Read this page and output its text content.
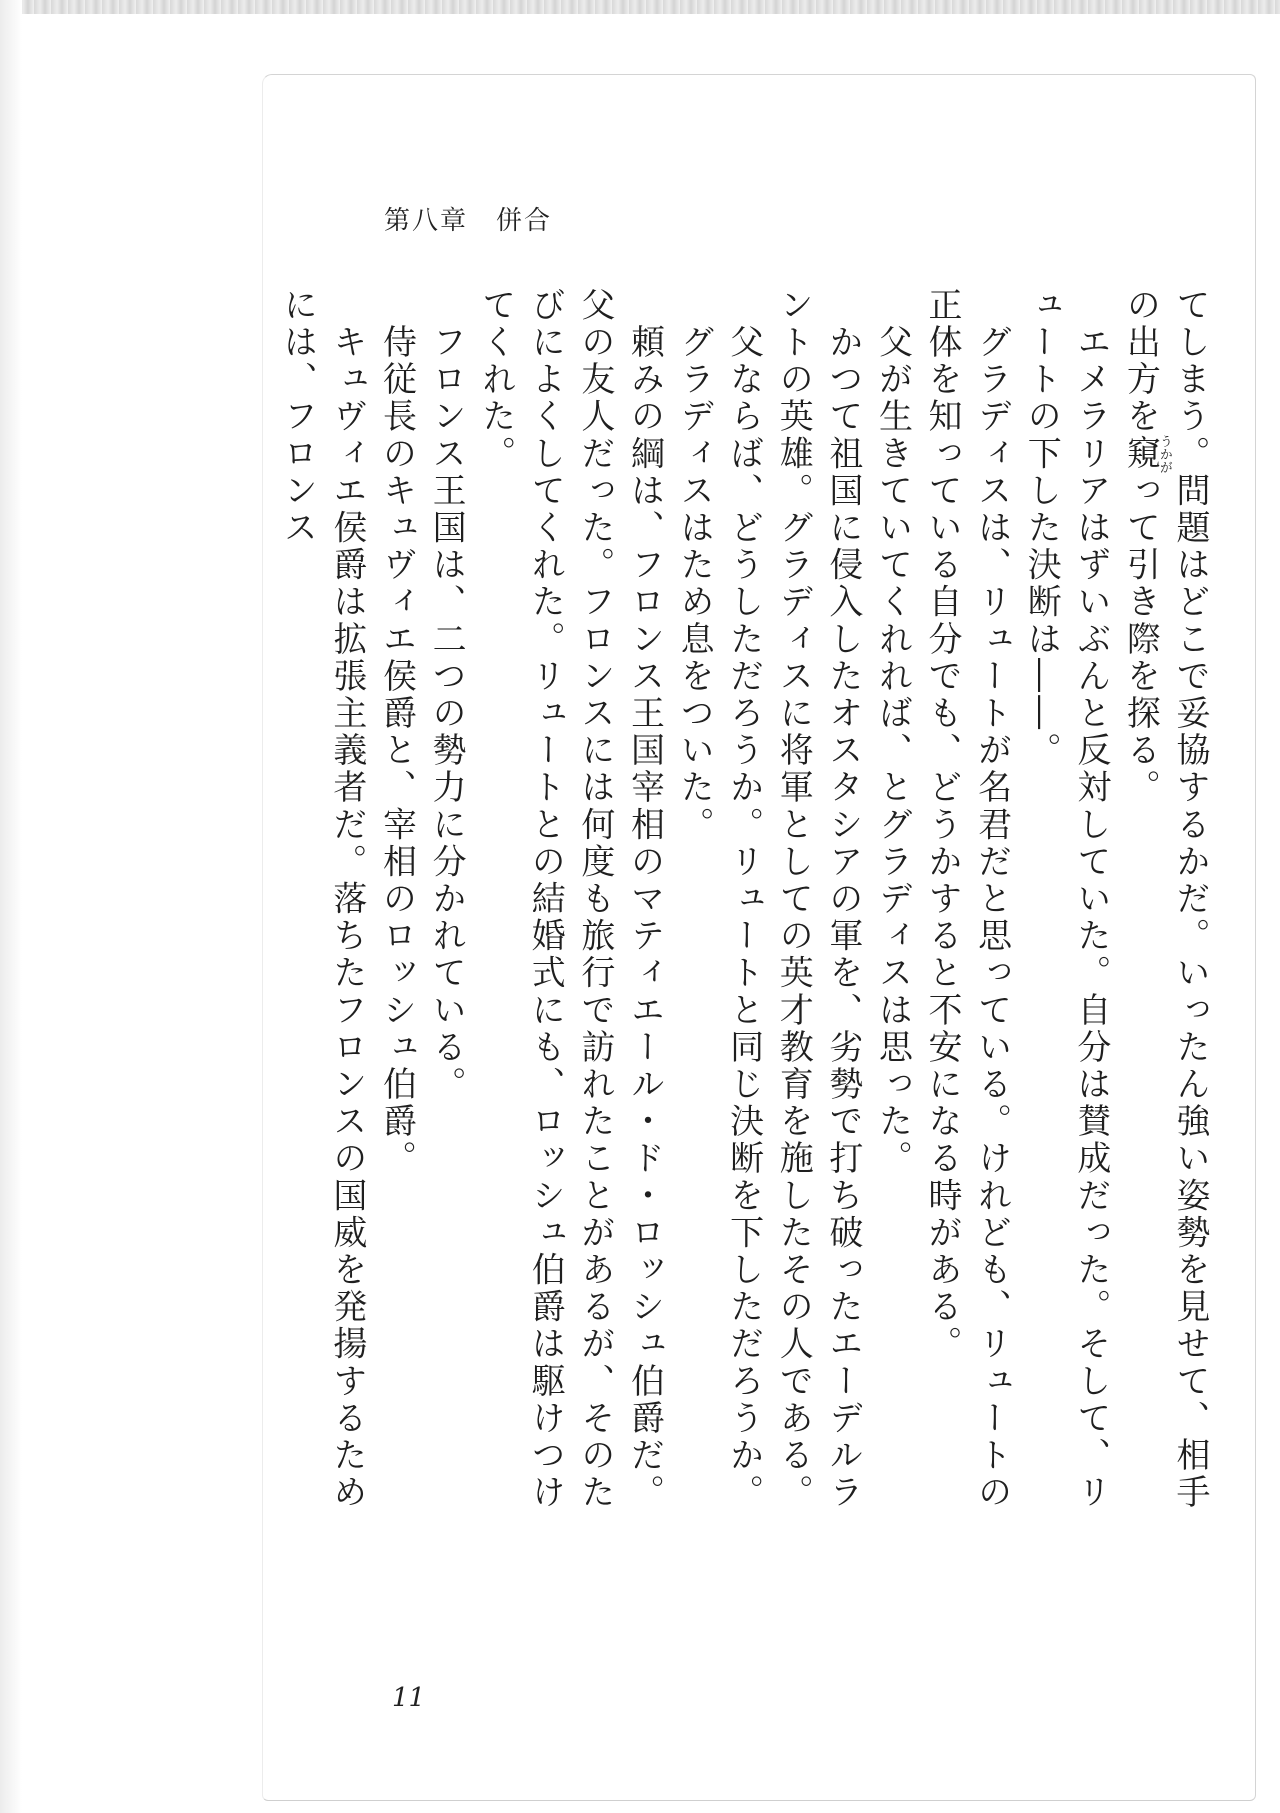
第八章　併合

てしまう。問題はどこで妥協するかだ。いったん強い姿勢を見せて、相手の出方を窺うかがって引き際を探る。

　エメラリアはずいぶんと反対していた。自分は賛成だった。そして、リュートの下した決断は――。

　グラディスは、リュートが名君だと思っている。けれども、リュートの正体を知っている自分でも、どうかすると不安になる時がある。

　父が生きていてくれれば、とグラディスは思った。

　かつて祖国に侵入したオスタシアの軍を、劣勢で打ち破ったエーデルラントの英雄。グラディスに将軍としての英才教育を施したその人である。

　父ならば、どうしただろうか。リュートと同じ決断を下しただろうか。

　グラディスはため息をついた。

　頼みの綱は、フロンス王国宰相のマティエール・ド・ロッシュ伯爵だ。父の友人だった。フロンスには何度も旅行で訪れたことがあるが、そのたびによくしてくれた。リュートとの結婚式にも、ロッシュ伯爵は駆けつけてくれた。

　フロンス王国は、二つの勢力に分かれている。

　侍従長のキュヴィエ侯爵と、宰相のロッシュ伯爵。

　キュヴィエ侯爵は拡張主義者だ。落ちたフロンスの国威を発揚するためには、フロンス

11
